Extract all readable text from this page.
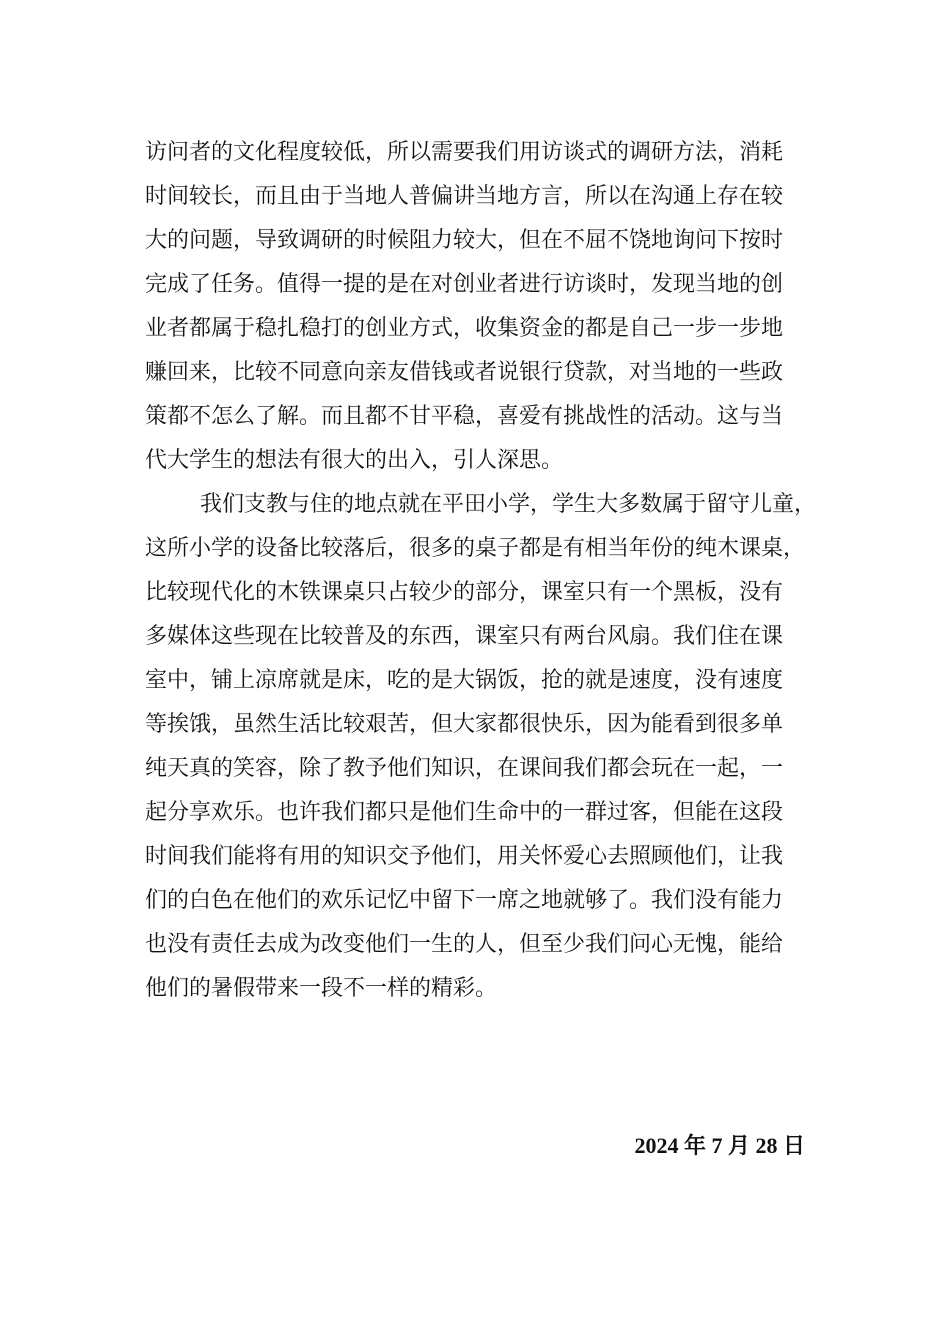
访问者的文化程度较低，所以需要我们用访谈式的调研方法，消耗
时间较长，而且由于当地人普偏讲当地方言，所以在沟通上存在较
大的问题，导致调研的时候阻力较大，但在不屈不饶地询问下按时
完成了任务。值得一提的是在对创业者进行访谈时，发现当地的创
业者都属于稳扎稳打的创业方式，收集资金的都是自己一步一步地
赚回来，比较不同意向亲友借钱或者说银行贷款，对当地的一些政
策都不怎么了解。而且都不甘平稳，喜爱有挑战性的活动。这与当
代大学生的想法有很大的出入，引人深思。
我们支教与住的地点就在平田小学，学生大多数属于留守儿童，
这所小学的设备比较落后，很多的桌子都是有相当年份的纯木课桌，
比较现代化的木铁课桌只占较少的部分，课室只有一个黑板，没有
多媒体这些现在比较普及的东西，课室只有两台风扇。我们住在课
室中，铺上凉席就是床，吃的是大锅饭，抢的就是速度，没有速度
等挨饿，虽然生活比较艰苦，但大家都很快乐，因为能看到很多单
纯天真的笑容，除了教予他们知识，在课间我们都会玩在一起，一
起分享欢乐。也许我们都只是他们生命中的一群过客，但能在这段
时间我们能将有用的知识交予他们，用关怀爱心去照顾他们，让我
们的白色在他们的欢乐记忆中留下一席之地就够了。我们没有能力
也没有责任去成为改变他们一生的人，但至少我们问心无愧，能给
他们的暑假带来一段不一样的精彩。
2024 年 7 月 28 日
